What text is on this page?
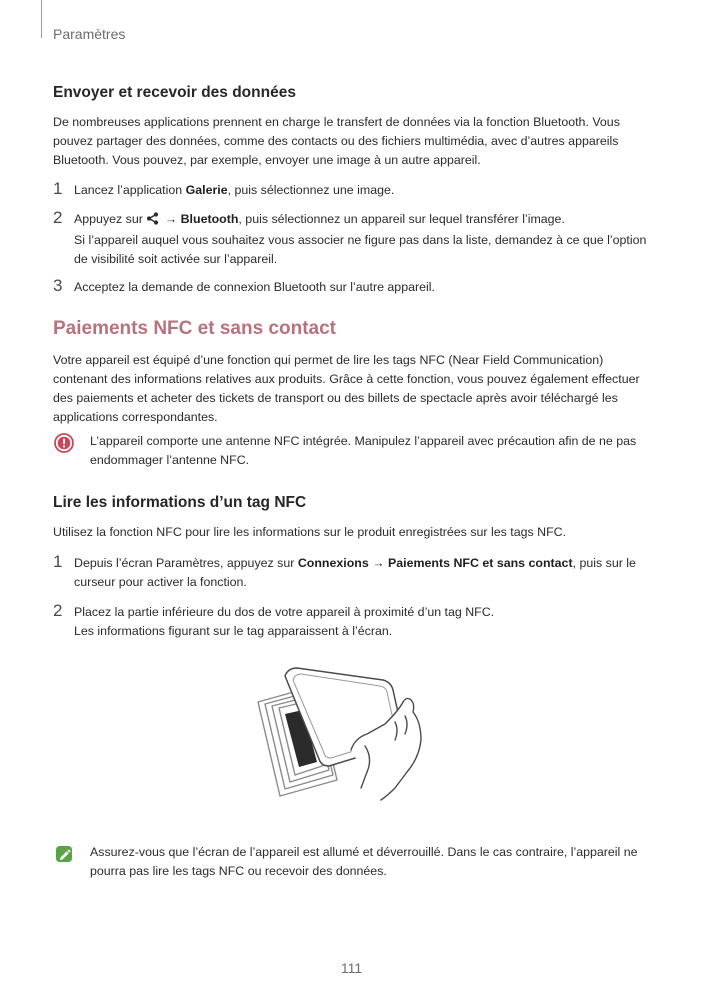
Paramètres
Envoyer et recevoir des données

De nombreuses applications prennent en charge le transfert de données via la fonction Bluetooth. Vous pouvez partager des données, comme des contacts ou des fichiers multimédia, avec d’autres appareils Bluetooth. Vous pouvez, par exemple, envoyer une image à un autre appareil.

1 Lancez l’application Galerie, puis sélectionnez une image.
2 Appuyez sur  → Bluetooth, puis sélectionnez un appareil sur lequel transférer l’image.
Si l’appareil auquel vous souhaitez vous associer ne figure pas dans la liste, demandez à ce que l’option de visibilité soit activée sur l’appareil.
3 Acceptez la demande de connexion Bluetooth sur l’autre appareil.
Paiements NFC et sans contact

Votre appareil est équipé d’une fonction qui permet de lire les tags NFC (Near Field Communication) contenant des informations relatives aux produits. Grâce à cette fonction, vous pouvez également effectuer des paiements et acheter des tickets de transport ou des billets de spectacle après avoir téléchargé les applications correspondantes.

L’appareil comporte une antenne NFC intégrée. Manipulez l’appareil avec précaution afin de ne pas endommager l’antenne NFC.
Lire les informations d’un tag NFC

Utilisez la fonction NFC pour lire les informations sur le produit enregistrées sur les tags NFC.

1 Depuis l’écran Paramètres, appuyez sur Connexions → Paiements NFC et sans contact, puis sur le curseur pour activer la fonction.
2 Placez la partie inférieure du dos de votre appareil à proximité d’un tag NFC.
Les informations figurant sur le tag apparaissent à l’écran.
Assurez-vous que l’écran de l’appareil est allumé et déverrouillé. Dans le cas contraire, l’appareil ne pourra pas lire les tags NFC ou recevoir des données.
111
